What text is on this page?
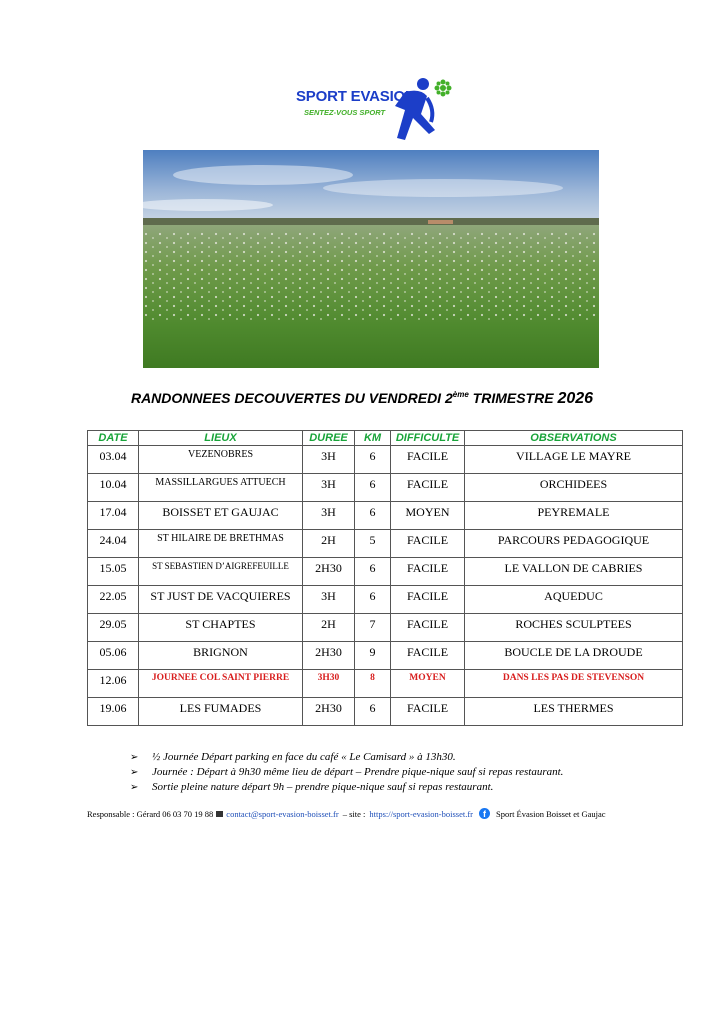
SPORT EVASION
SENTEZ-VOUS SPORT
RANDONNEES DECOUVERTES DU VENDREDI 2ème TRIMESTRE 2026
DATE	LIEUX	DUREE	KM	DIFFICULTE	OBSERVATIONS
03.04	VEZENOBRES	3H	6	FACILE	VILLAGE LE MAYRE
10.04	MASSILLARGUES ATTUECH	3H	6	FACILE	ORCHIDEES
17.04	BOISSET ET GAUJAC	3H	6	MOYEN	PEYREMALE
24.04	ST HILAIRE DE BRETHMAS	2H	5	FACILE	PARCOURS PEDAGOGIQUE
15.05	ST SEBASTIEN D’AIGREFEUILLE	2H30	6	FACILE	LE VALLON DE CABRIES
22.05	ST JUST DE VACQUIERES	3H	6	FACILE	AQUEDUC
29.05	ST CHAPTES	2H	7	FACILE	ROCHES SCULPTEES
05.06	BRIGNON	2H30	9	FACILE	BOUCLE DE LA DROUDE
12.06	JOURNEE COL SAINT PIERRE	3H30	8	MOYEN	DANS LES PAS DE STEVENSON
19.06	LES FUMADES	2H30	6	FACILE	LES THERMES
➢ ½ Journée Départ parking en face du café « Le Camisard » à 13h30.
➢ Journée : Départ à 9h30 même lieu de départ – Prendre pique-nique sauf si repas restaurant.
➢ Sortie pleine nature départ 9h – prendre pique-nique sauf si repas restaurant.
Responsable : Gérard 06 03 70 19 88 contact@sport-evasion-boisset.fr – site : https://sport-evasion-boisset.fr	f	Sport Évasion Boisset et Gaujac
